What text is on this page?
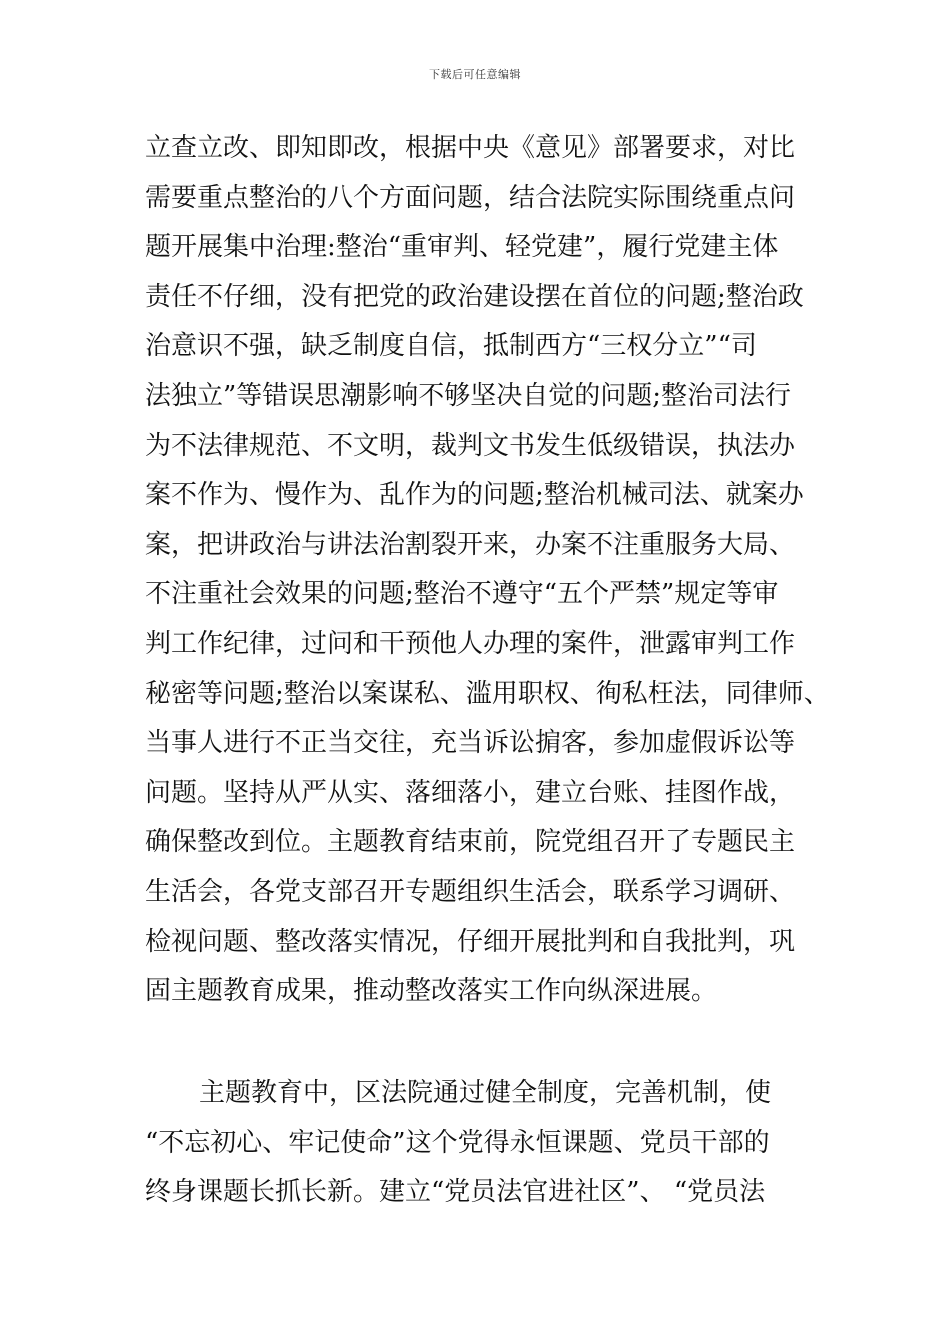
下载后可任意编辑
立查立改、即知即改，根据中央《意见》部署要求，对比
需要重点整治的八个方面问题，结合法院实际围绕重点问
题开展集中治理:整治“重审判、轻党建”，履行党建主体
责任不仔细，没有把党的政治建设摆在首位的问题;整治政
治意识不强，缺乏制度自信，抵制西方“三权分立”“司
法独立”等错误思潮影响不够坚决自觉的问题;整治司法行
为不法律规范、不文明，裁判文书发生低级错误，执法办
案不作为、慢作为、乱作为的问题;整治机械司法、就案办
案，把讲政治与讲法治割裂开来，办案不注重服务大局、
不注重社会效果的问题;整治不遵守“五个严禁”规定等审
判工作纪律，过问和干预他人办理的案件，泄露审判工作
秘密等问题;整治以案谋私、滥用职权、徇私枉法，同律师、
当事人进行不正当交往，充当诉讼掮客，参加虚假诉讼等
问题。坚持从严从实、落细落小，建立台账、挂图作战，
确保整改到位。主题教育结束前，院党组召开了专题民主
生活会，各党支部召开专题组织生活会，联系学习调研、
检视问题、整改落实情况，仔细开展批判和自我批判，巩
固主题教育成果，推动整改落实工作向纵深进展。
主题教育中，区法院通过健全制度，完善机制，使
“不忘初心、牢记使命”这个党得永恒课题、党员干部的
终身课题长抓长新。建立“党员法官进社区”、 “党员法
